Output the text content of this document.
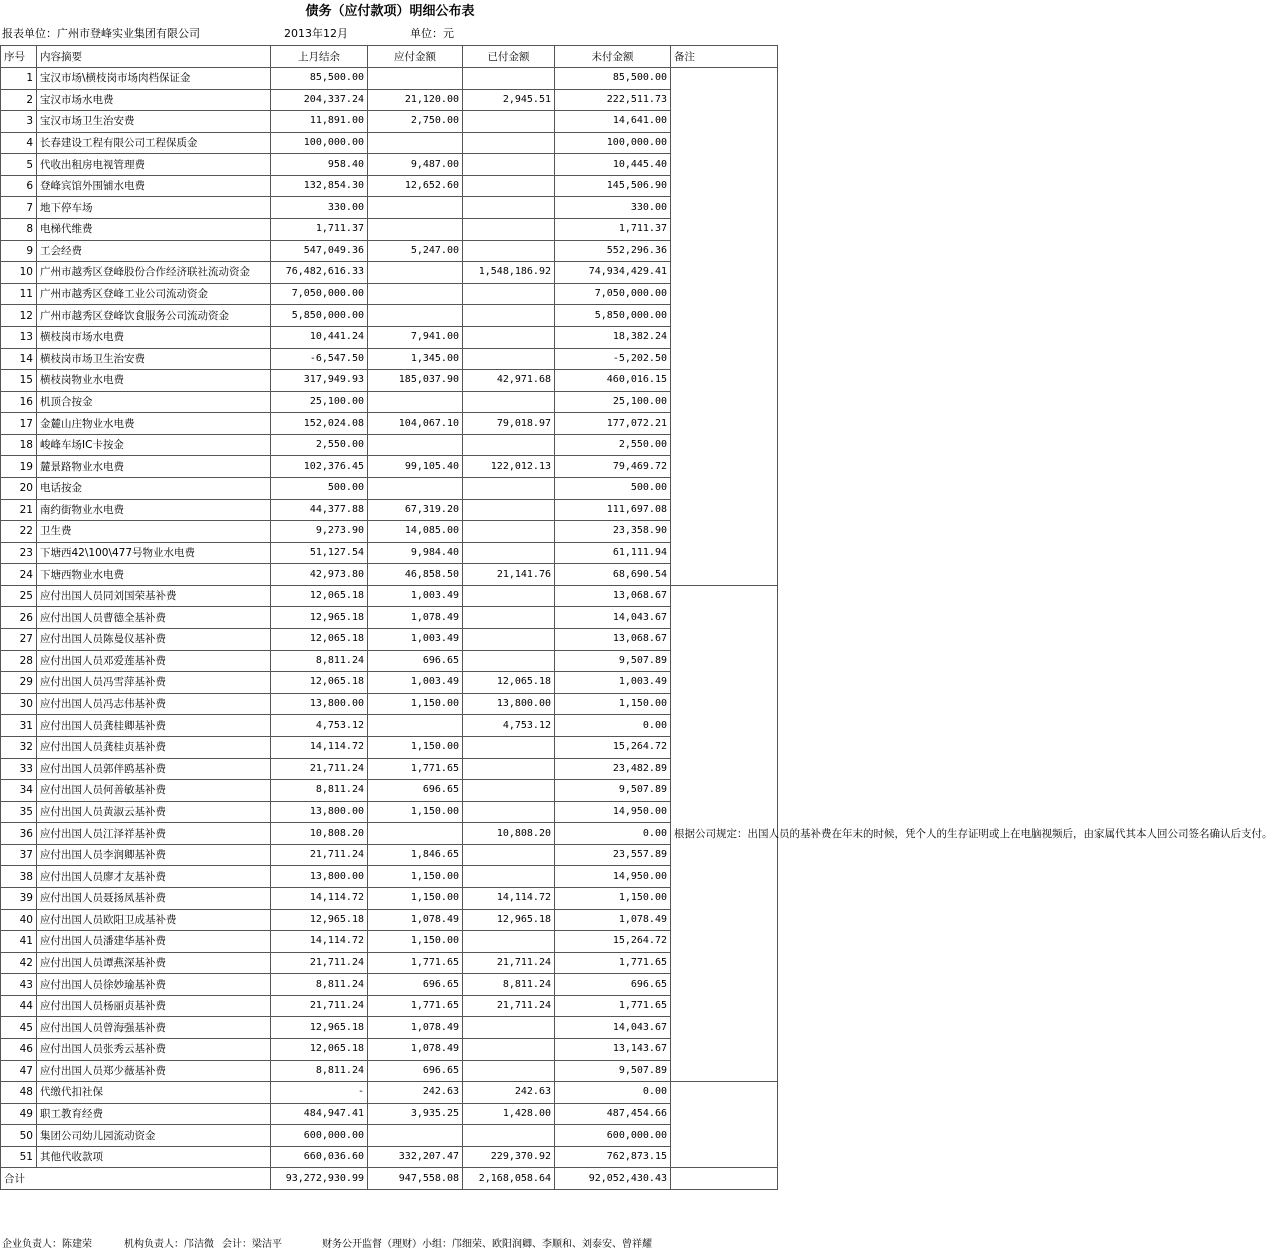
债务（应付款项）明细公布表
报表单位：广州市登峰实业集团有限公司	2013年12月	单位：元
序号	内容摘要	上月结余	应付金额	已付金额	未付金额	备注
1	宝汉市场\横枝岗市场肉档保证金	85,500.00			85,500.00	
2	宝汉市场水电费	204,337.24	21,120.00	2,945.51	222,511.73	
3	宝汉市场卫生治安费	11,891.00	2,750.00		14,641.00	
4	长春建设工程有限公司工程保质金	100,000.00			100,000.00	
5	代收出租房电视管理费	958.40	9,487.00		10,445.40	
6	登峰宾馆外围铺水电费	132,854.30	12,652.60		145,506.90	
7	地下停车场	330.00			330.00	
8	电梯代维费	1,711.37			1,711.37	
9	工会经费	547,049.36	5,247.00		552,296.36	
10	广州市越秀区登峰股份合作经济联社流动资金	76,482,616.33		1,548,186.92	74,934,429.41	
11	广州市越秀区登峰工业公司流动资金	7,050,000.00			7,050,000.00	
12	广州市越秀区登峰饮食服务公司流动资金	5,850,000.00			5,850,000.00	
13	横枝岗市场水电费	10,441.24	7,941.00		18,382.24	
14	横枝岗市场卫生治安费	-6,547.50	1,345.00		-5,202.50	
15	横枝岗物业水电费	317,949.93	185,037.90	42,971.68	460,016.15	
16	机顶合按金	25,100.00			25,100.00	
17	金麓山庄物业水电费	152,024.08	104,067.10	79,018.97	177,072.21	
18	峻峰车场IC卡按金	2,550.00			2,550.00	
19	麓景路物业水电费	102,376.45	99,105.40	122,012.13	79,469.72	
20	电话按金	500.00			500.00	
21	南约街物业水电费	44,377.88	67,319.20		111,697.08	
22	卫生费	9,273.90	14,085.00		23,358.90	
23	下塘西42\100\477号物业水电费	51,127.54	9,984.40		61,111.94	
24	下塘西物业水电费	42,973.80	46,858.50	21,141.76	68,690.54	
25	应付出国人员同刘国荣基补费	12,065.18	1,003.49		13,068.67	根据公司规定：出国人员的基补费在年末的时候，凭个人的生存证明或上在电脑视频后，由家属代其本人回公司签名确认后支付。
26	应付出国人员曹德全基补费	12,965.18	1,078.49		14,043.67	
27	应付出国人员陈曼仪基补费	12,065.18	1,003.49		13,068.67	
28	应付出国人员邓爱莲基补费	8,811.24	696.65		9,507.89	
29	应付出国人员冯雪萍基补费	12,065.18	1,003.49	12,065.18	1,003.49	
30	应付出国人员冯志伟基补费	13,800.00	1,150.00	13,800.00	1,150.00	
31	应付出国人员龚桂卿基补费	4,753.12		4,753.12	0.00	
32	应付出国人员龚桂贞基补费	14,114.72	1,150.00		15,264.72	
33	应付出国人员郭伴鸥基补费	21,711.24	1,771.65		23,482.89	
34	应付出国人员何善敏基补费	8,811.24	696.65		9,507.89	
35	应付出国人员黄淑云基补费	13,800.00	1,150.00		14,950.00	
36	应付出国人员江泽祥基补费	10,808.20		10,808.20	0.00	
37	应付出国人员李润卿基补费	21,711.24	1,846.65		23,557.89	
38	应付出国人员廖才友基补费	13,800.00	1,150.00		14,950.00	
39	应付出国人员聂扬凤基补费	14,114.72	1,150.00	14,114.72	1,150.00	
40	应付出国人员欧阳卫成基补费	12,965.18	1,078.49	12,965.18	1,078.49	
41	应付出国人员潘建华基补费	14,114.72	1,150.00		15,264.72	
42	应付出国人员谭燕深基补费	21,711.24	1,771.65	21,711.24	1,771.65	
43	应付出国人员徐妙瑜基补费	8,811.24	696.65	8,811.24	696.65	
44	应付出国人员杨丽贞基补费	21,711.24	1,771.65	21,711.24	1,771.65	
45	应付出国人员曾海强基补费	12,965.18	1,078.49		14,043.67	
46	应付出国人员张秀云基补费	12,065.18	1,078.49		13,143.67	
47	应付出国人员郑少薇基补费	8,811.24	696.65		9,507.89	
48	代缴代扣社保	-	242.63	242.63	0.00	
49	职工教育经费	484,947.41	3,935.25	1,428.00	487,454.66	
50	集团公司幼儿园流动资金	600,000.00			600,000.00	
51	其他代收款项	660,036.60	332,207.47	229,370.92	762,873.15	
合计		93,272,930.99	947,558.08	2,168,058.64	92,052,430.43	
企业负责人：陈建荣	机构负责人：邝洁微 会计：梁洁平	财务公开监督（理财）小组：邝细荣、欧阳润卿、李顺和、刘泰安、曾祥耀
